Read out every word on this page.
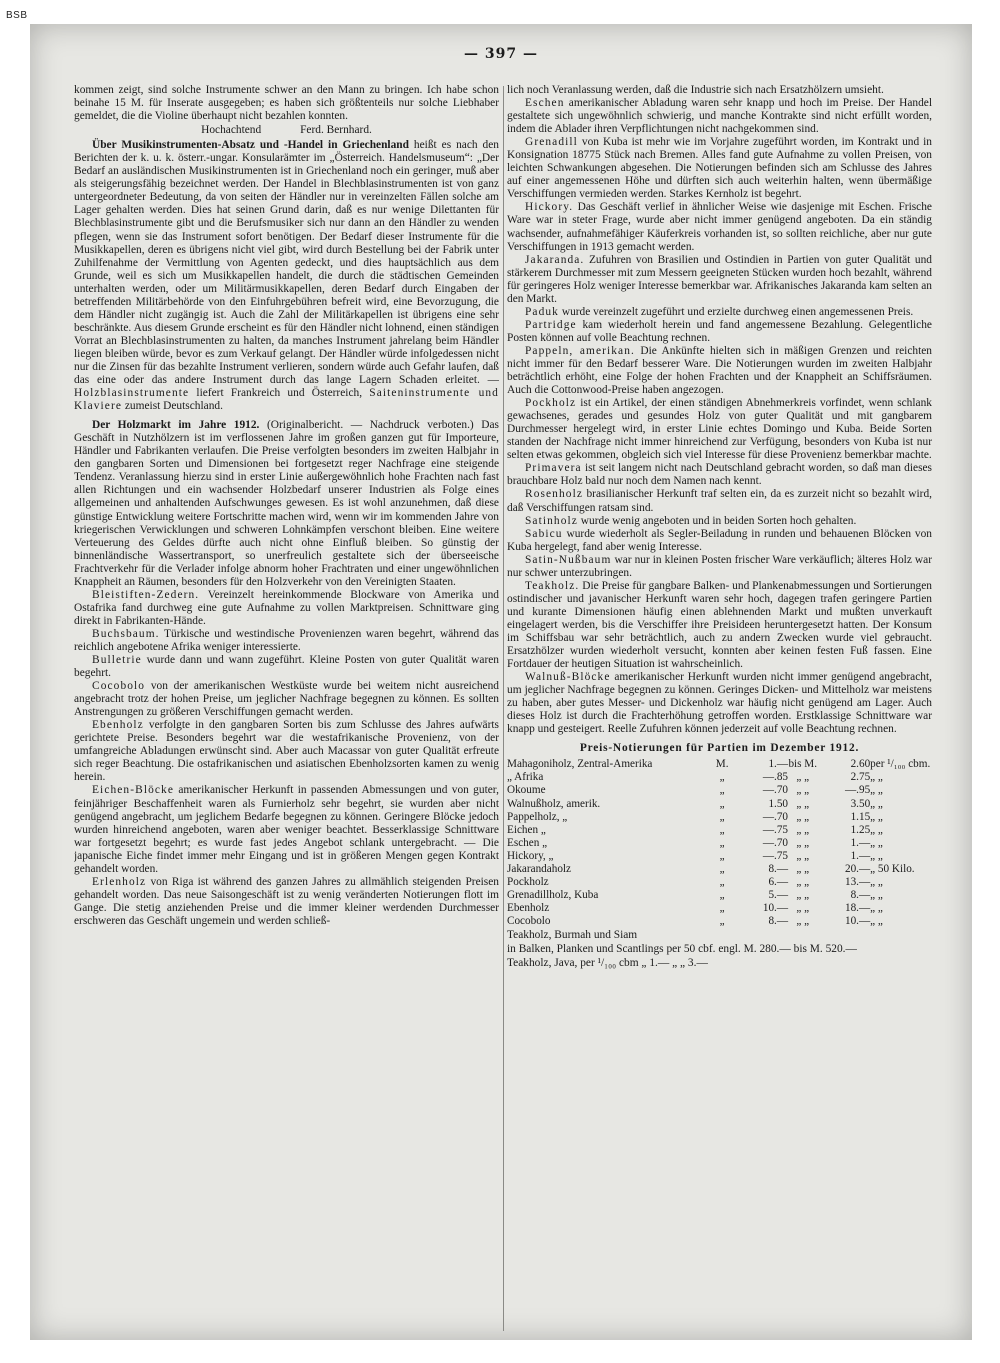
BSB
— 397 —

kommen zeigt, sind solche Instrumente schwer an den Mann zu bringen. Ich habe schon beinahe 15 M. für Inserate ausgegeben; es haben sich größtenteils nur solche Liebhaber gemeldet, die die Violine überhaupt nicht bezahlen konnten.

Hochachtend	Ferd. Bernhard.

Über Musikinstrumenten-Absatz und -Handel in Griechenland heißt es nach den Berichten der k. u. k. österr.-ungar. Konsularämter im „Österreich. Handelsmuseum“: „Der Bedarf an ausländischen Musikinstrumenten ist in Griechenland noch ein geringer, muß aber als steigerungsfähig bezeichnet werden. Der Handel in Blechblasinstrumenten ist von ganz untergeordneter Bedeutung, da von seiten der Händler nur in vereinzelten Fällen solche am Lager gehalten werden. Dies hat seinen Grund darin, daß es nur wenige Dilettanten für Blechblasinstrumente gibt und die Berufsmusiker sich nur dann an den Händler zu wenden pflegen, wenn sie das Instrument sofort benötigen. Der Bedarf dieser Instrumente für die Musikkapellen, deren es übrigens nicht viel gibt, wird durch Bestellung bei der Fabrik unter Zuhilfenahme der Vermittlung von Agenten gedeckt, und dies hauptsächlich aus dem Grunde, weil es sich um Musikkapellen handelt, die durch die städtischen Gemeinden unterhalten werden, oder um Militärmusikkapellen, deren Bedarf durch Eingaben der betreffenden Militärbehörde von den Einfuhrgebühren befreit wird, eine Bevorzugung, die dem Händler nicht zugängig ist. Auch die Zahl der Militärkapellen ist übrigens eine sehr beschränkte. Aus diesem Grunde erscheint es für den Händler nicht lohnend, einen ständigen Vorrat an Blechblasinstrumenten zu halten, da manches Instrument jahrelang beim Händler liegen bleiben würde, bevor es zum Verkauf gelangt. Der Händler würde infolgedessen nicht nur die Zinsen für das bezahlte Instrument verlieren, sondern würde auch Gefahr laufen, daß das eine oder das andere Instrument durch das lange Lagern Schaden erleitet. — Holzblasinstrumente liefert Frankreich und Österreich, Saiteninstrumente und Klaviere zumeist Deutschland.

Der Holzmarkt im Jahre 1912. (Originalbericht. — Nachdruck verboten.) Das Geschäft in Nutzhölzern ist im verflossenen Jahre im großen ganzen gut für Importeure, Händler und Fabrikanten verlaufen. Die Preise verfolgten besonders im zweiten Halbjahr in den gangbaren Sorten und Dimensionen bei fortgesetzt reger Nachfrage eine steigende Tendenz. Veranlassung hierzu sind in erster Linie außergewöhnlich hohe Frachten nach fast allen Richtungen und ein wachsender Holzbedarf unserer Industrien als Folge eines allgemeinen und anhaltenden Aufschwunges gewesen. Es ist wohl anzunehmen, daß diese günstige Entwicklung weitere Fortschritte machen wird, wenn wir im kommenden Jahre von kriegerischen Verwicklungen und schweren Lohnkämpfen verschont bleiben. Eine weitere Verteuerung des Geldes dürfte auch nicht ohne Einfluß bleiben. So günstig der binnenländische Wassertransport, so unerfreulich gestaltete sich der überseeische Frachtverkehr für die Verlader infolge abnorm hoher Frachtraten und einer ungewöhnlichen Knappheit an Räumen, besonders für den Holzverkehr von den Vereinigten Staaten.

Bleistiften-Zedern. Vereinzelt hereinkommende Blockware von Amerika und Ostafrika fand durchweg eine gute Aufnahme zu vollen Marktpreisen. Schnittware ging direkt in Fabrikanten-Hände.

Buchsbaum. Türkische und westindische Provenienzen waren begehrt, während das reichlich angebotene Afrika weniger interessierte.

Bulletrie wurde dann und wann zugeführt. Kleine Posten von guter Qualität waren begehrt.

Cocobolo von der amerikanischen Westküste wurde bei weitem nicht ausreichend angebracht trotz der hohen Preise, um jeglicher Nachfrage begegnen zu können. Es sollten Anstrengungen zu größeren Verschiffungen gemacht werden.

Ebenholz verfolgte in den gangbaren Sorten bis zum Schlusse des Jahres aufwärts gerichtete Preise. Besonders begehrt war die westafrikanische Provenienz, von der umfangreiche Abladungen erwünscht sind. Aber auch Macassar von guter Qualität erfreute sich reger Beachtung. Die ostafrikanischen und asiatischen Ebenholzsorten kamen zu wenig herein.

Eichen-Blöcke amerikanischer Herkunft in passenden Abmessungen und von guter, feinjähriger Beschaffenheit waren als Furnierholz sehr begehrt, sie wurden aber nicht genügend angebracht, um jeglichem Bedarfe begegnen zu können. Geringere Blöcke jedoch wurden hinreichend angeboten, waren aber weniger beachtet. Besserklassige Schnittware war fortgesetzt begehrt; es wurde fast jedes Angebot schlank untergebracht. — Die japanische Eiche findet immer mehr Eingang und ist in größeren Mengen gegen Kontrakt gehandelt worden.

Erlenholz von Riga ist während des ganzen Jahres zu allmählich steigenden Preisen gehandelt worden. Das neue Saisongeschäft ist zu wenig veränderten Notierungen flott im Gange. Die stetig anziehenden Preise und die immer kleiner werdenden Durchmesser erschweren das Geschäft ungemein und werden schließ-

lich noch Veranlassung werden, daß die Industrie sich nach Ersatzhölzern umsieht.

Eschen amerikanischer Abladung waren sehr knapp und hoch im Preise. Der Handel gestaltete sich ungewöhnlich schwierig, und manche Kontrakte sind nicht erfüllt worden, indem die Ablader ihren Verpflichtungen nicht nachgekommen sind.

Grenadill von Kuba ist mehr wie im Vorjahre zugeführt worden, im Kontrakt und in Konsignation 18775 Stück nach Bremen. Alles fand gute Aufnahme zu vollen Preisen, von leichten Schwankungen abgesehen. Die Notierungen befinden sich am Schlusse des Jahres auf einer angemessenen Höhe und dürften sich auch weiterhin halten, wenn übermäßige Verschiffungen vermieden werden. Starkes Kernholz ist begehrt.

Hickory. Das Geschäft verlief in ähnlicher Weise wie dasjenige mit Eschen. Frische Ware war in steter Frage, wurde aber nicht immer genügend angeboten. Da ein ständig wachsender, aufnahmefähiger Käuferkreis vorhanden ist, so sollten reichliche, aber nur gute Verschiffungen in 1913 gemacht werden.

Jakaranda. Zufuhren von Brasilien und Ostindien in Partien von guter Qualität und stärkerem Durchmesser mit zum Messern geeigneten Stücken wurden hoch bezahlt, während für geringeres Holz weniger Interesse bemerkbar war. Afrikanisches Jakaranda kam selten an den Markt.

Paduk wurde vereinzelt zugeführt und erzielte durchweg einen angemessenen Preis.

Partridge kam wiederholt herein und fand angemessene Bezahlung. Gelegentliche Posten können auf volle Beachtung rechnen.

Pappeln, amerikan. Die Ankünfte hielten sich in mäßigen Grenzen und reichten nicht immer für den Bedarf besserer Ware. Die Notierungen wurden im zweiten Halbjahr beträchtlich erhöht, eine Folge der hohen Frachten und der Knappheit an Schiffsräumen. Auch die Cottonwood-Preise haben angezogen.

Pockholz ist ein Artikel, der einen ständigen Abnehmerkreis vorfindet, wenn schlank gewachsenes, gerades und gesundes Holz von guter Qualität und mit gangbarem Durchmesser hergelegt wird, in erster Linie echtes Domingo und Kuba. Beide Sorten standen der Nachfrage nicht immer hinreichend zur Verfügung, besonders von Kuba ist nur selten etwas gekommen, obgleich sich viel Interesse für diese Provenienz bemerkbar machte.

Primavera ist seit langem nicht nach Deutschland gebracht worden, so daß man dieses brauchbare Holz bald nur noch dem Namen nach kennt.

Rosenholz brasilianischer Herkunft traf selten ein, da es zurzeit nicht so bezahlt wird, daß Verschiffungen ratsam sind.

Satinholz wurde wenig angeboten und in beiden Sorten hoch gehalten.

Sabicu wurde wiederholt als Segler-Beiladung in runden und behauenen Blöcken von Kuba hergelegt, fand aber wenig Interesse.

Satin-Nußbaum war nur in kleinen Posten frischer Ware verkäuflich; älteres Holz war nur schwer unterzubringen.

Teakholz. Die Preise für gangbare Balken- und Plankenabmessungen und Sortierungen ostindischer und javanischer Herkunft waren sehr hoch, dagegen trafen geringere Partien und kurante Dimensionen häufig einen ablehnenden Markt und mußten unverkauft eingelagert werden, bis die Verschiffer ihre Preisideen heruntergesetzt hatten. Der Konsum im Schiffsbau war sehr beträchtlich, auch zu andern Zwecken wurde viel gebraucht. Ersatzhölzer wurden wiederholt versucht, konnten aber keinen festen Fuß fassen. Eine Fortdauer der heutigen Situation ist wahrscheinlich.

Walnuß-Blöcke amerikanischer Herkunft wurden nicht immer genügend angebracht, um jeglicher Nachfrage begegnen zu können. Geringes Dicken- und Mittelholz war meistens zu haben, aber gutes Messer- und Dickenholz war häufig nicht genügend am Lager. Auch dieses Holz ist durch die Frachterhöhung getroffen worden. Erstklassige Schnittware war knapp und gesteigert. Reelle Zufuhren können jederzeit auf volle Beachtung rechnen.

Preis-Notierungen für Partien im Dezember 1912.

Mahagoniholz, Zentral-Amerika	M.	1.—	bis M.	2.60	per ¹/₁₀₀ cbm.
„ Afrika	„	—.85	„ „	2.75	„ „
Okoume	„	—.70	„ „	—.95	„ „
Walnußholz, amerik.	„	1.50	„ „	3.50	„ „
Pappelholz, „	„	—.70	„ „	1.15	„ „
Eichen „	„	—.75	„ „	1.25	„ „
Eschen „	„	—.70	„ „	1.—	„ „
Hickory, „	„	—.75	„ „	1.—	„ „
Jakarandaholz	„	8.—	„ „	20.—	„ 50 Kilo.
Pockholz	„	6.—	„ „	13.—	„ „
Grenadillholz, Kuba	„	5.—	„ „	8.—	„ „
Ebenholz	„	10.—	„ „	18.—	„ „
Cocobolo	„	8.—	„ „	10.—	„ „

Teakholz, Burmah und Siam

in Balken, Planken und Scantlings per 50 cbf. engl. M. 280.— bis M. 520.—

Teakholz, Java, per ¹/₁₀₀ cbm „ 1.— „ „ 3.—
